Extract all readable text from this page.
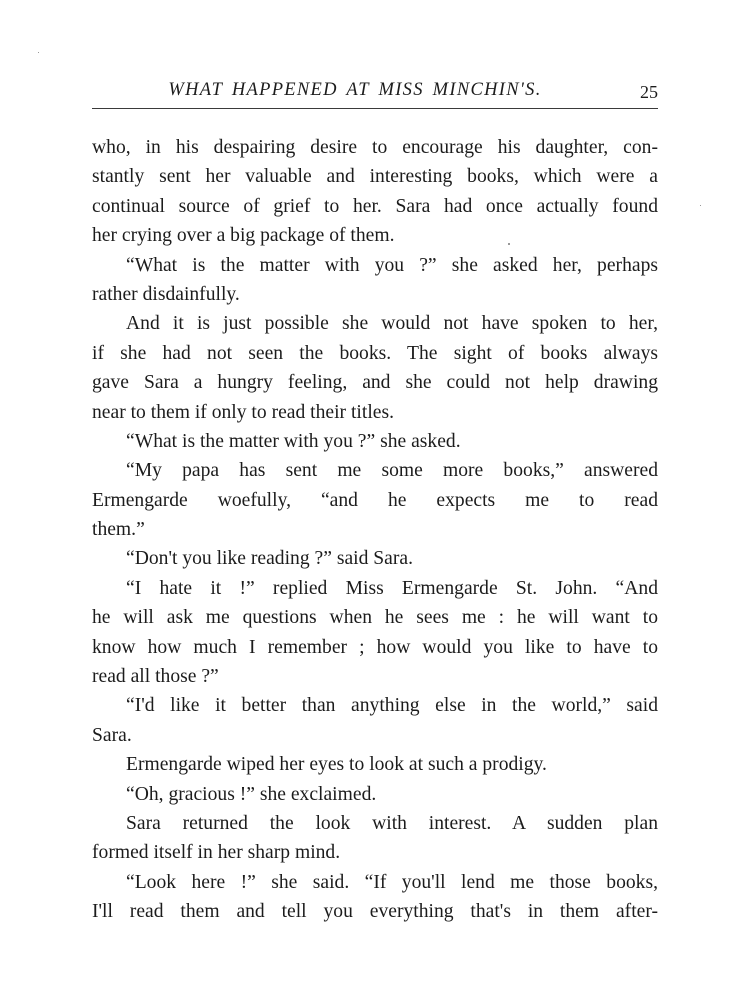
WHAT HAPPENED AT MISS MINCHIN'S.	25
who, in his despairing desire to encourage his daughter, con-
stantly sent her valuable and interesting books, which were a
continual source of grief to her. Sara had once actually found
her crying over a big package of them.
“What is the matter with you ?” she asked her, perhaps
rather disdainfully.
And it is just possible she would not have spoken to her,
if she had not seen the books. The sight of books always
gave Sara a hungry feeling, and she could not help drawing
near to them if only to read their titles.
“What is the matter with you ?” she asked.
“My papa has sent me some more books,” answered
Ermengarde woefully, “and he expects me to read
them.”
“Don't you like reading ?” said Sara.
“I hate it !” replied Miss Ermengarde St. John. “And
he will ask me questions when he sees me : he will want to
know how much I remember ; how would you like to have to
read all those ?”
“I'd like it better than anything else in the world,” said
Sara.
Ermengarde wiped her eyes to look at such a prodigy.
“Oh, gracious !” she exclaimed.
Sara returned the look with interest. A sudden plan
formed itself in her sharp mind.
“Look here !” she said. “If you'll lend me those books,
I'll read them and tell you everything that's in them after-
